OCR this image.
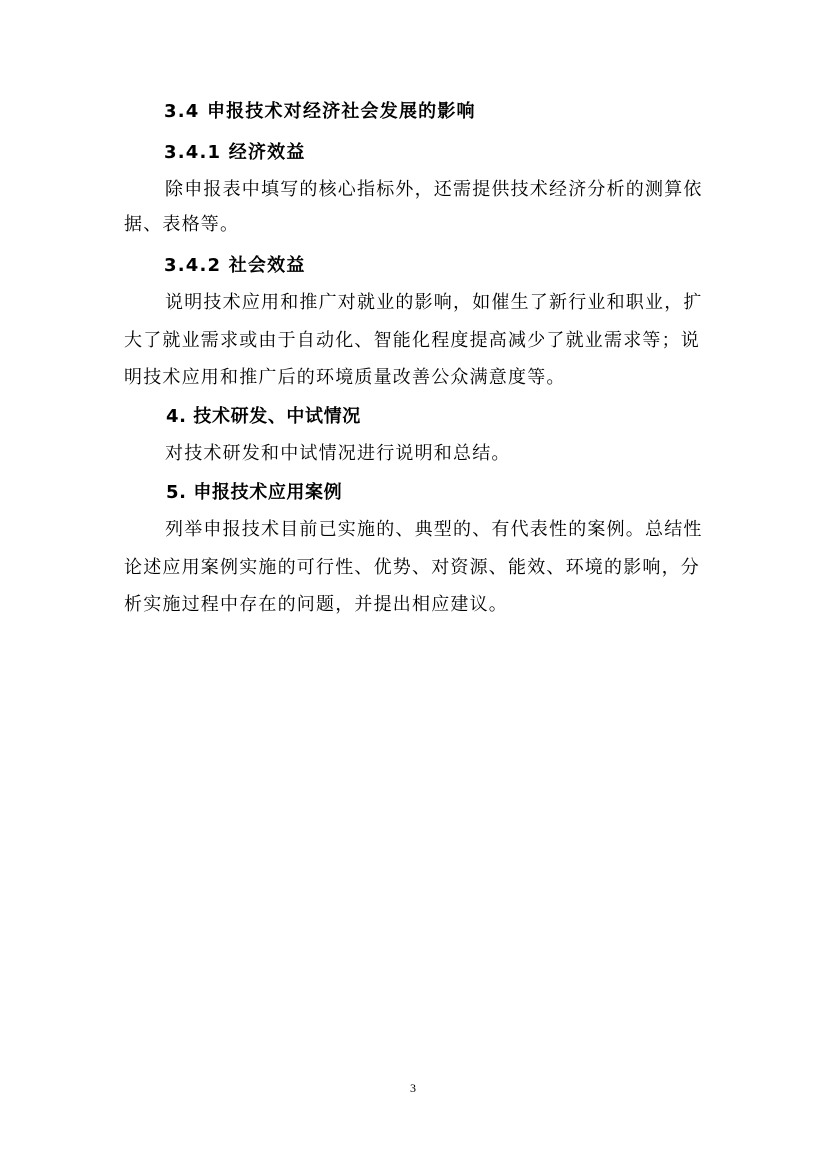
3.4 申报技术对经济社会发展的影响
3.4.1 经济效益
除申报表中填写的核心指标外，还需提供技术经济分析的测算依
据、表格等。
3.4.2 社会效益
说明技术应用和推广对就业的影响，如催生了新行业和职业，扩
大了就业需求或由于自动化、智能化程度提高减少了就业需求等；说
明技术应用和推广后的环境质量改善公众满意度等。
4. 技术研发、中试情况
对技术研发和中试情况进行说明和总结。
5. 申报技术应用案例
列举申报技术目前已实施的、典型的、有代表性的案例。总结性
论述应用案例实施的可行性、优势、对资源、能效、环境的影响，分
析实施过程中存在的问题，并提出相应建议。
3
